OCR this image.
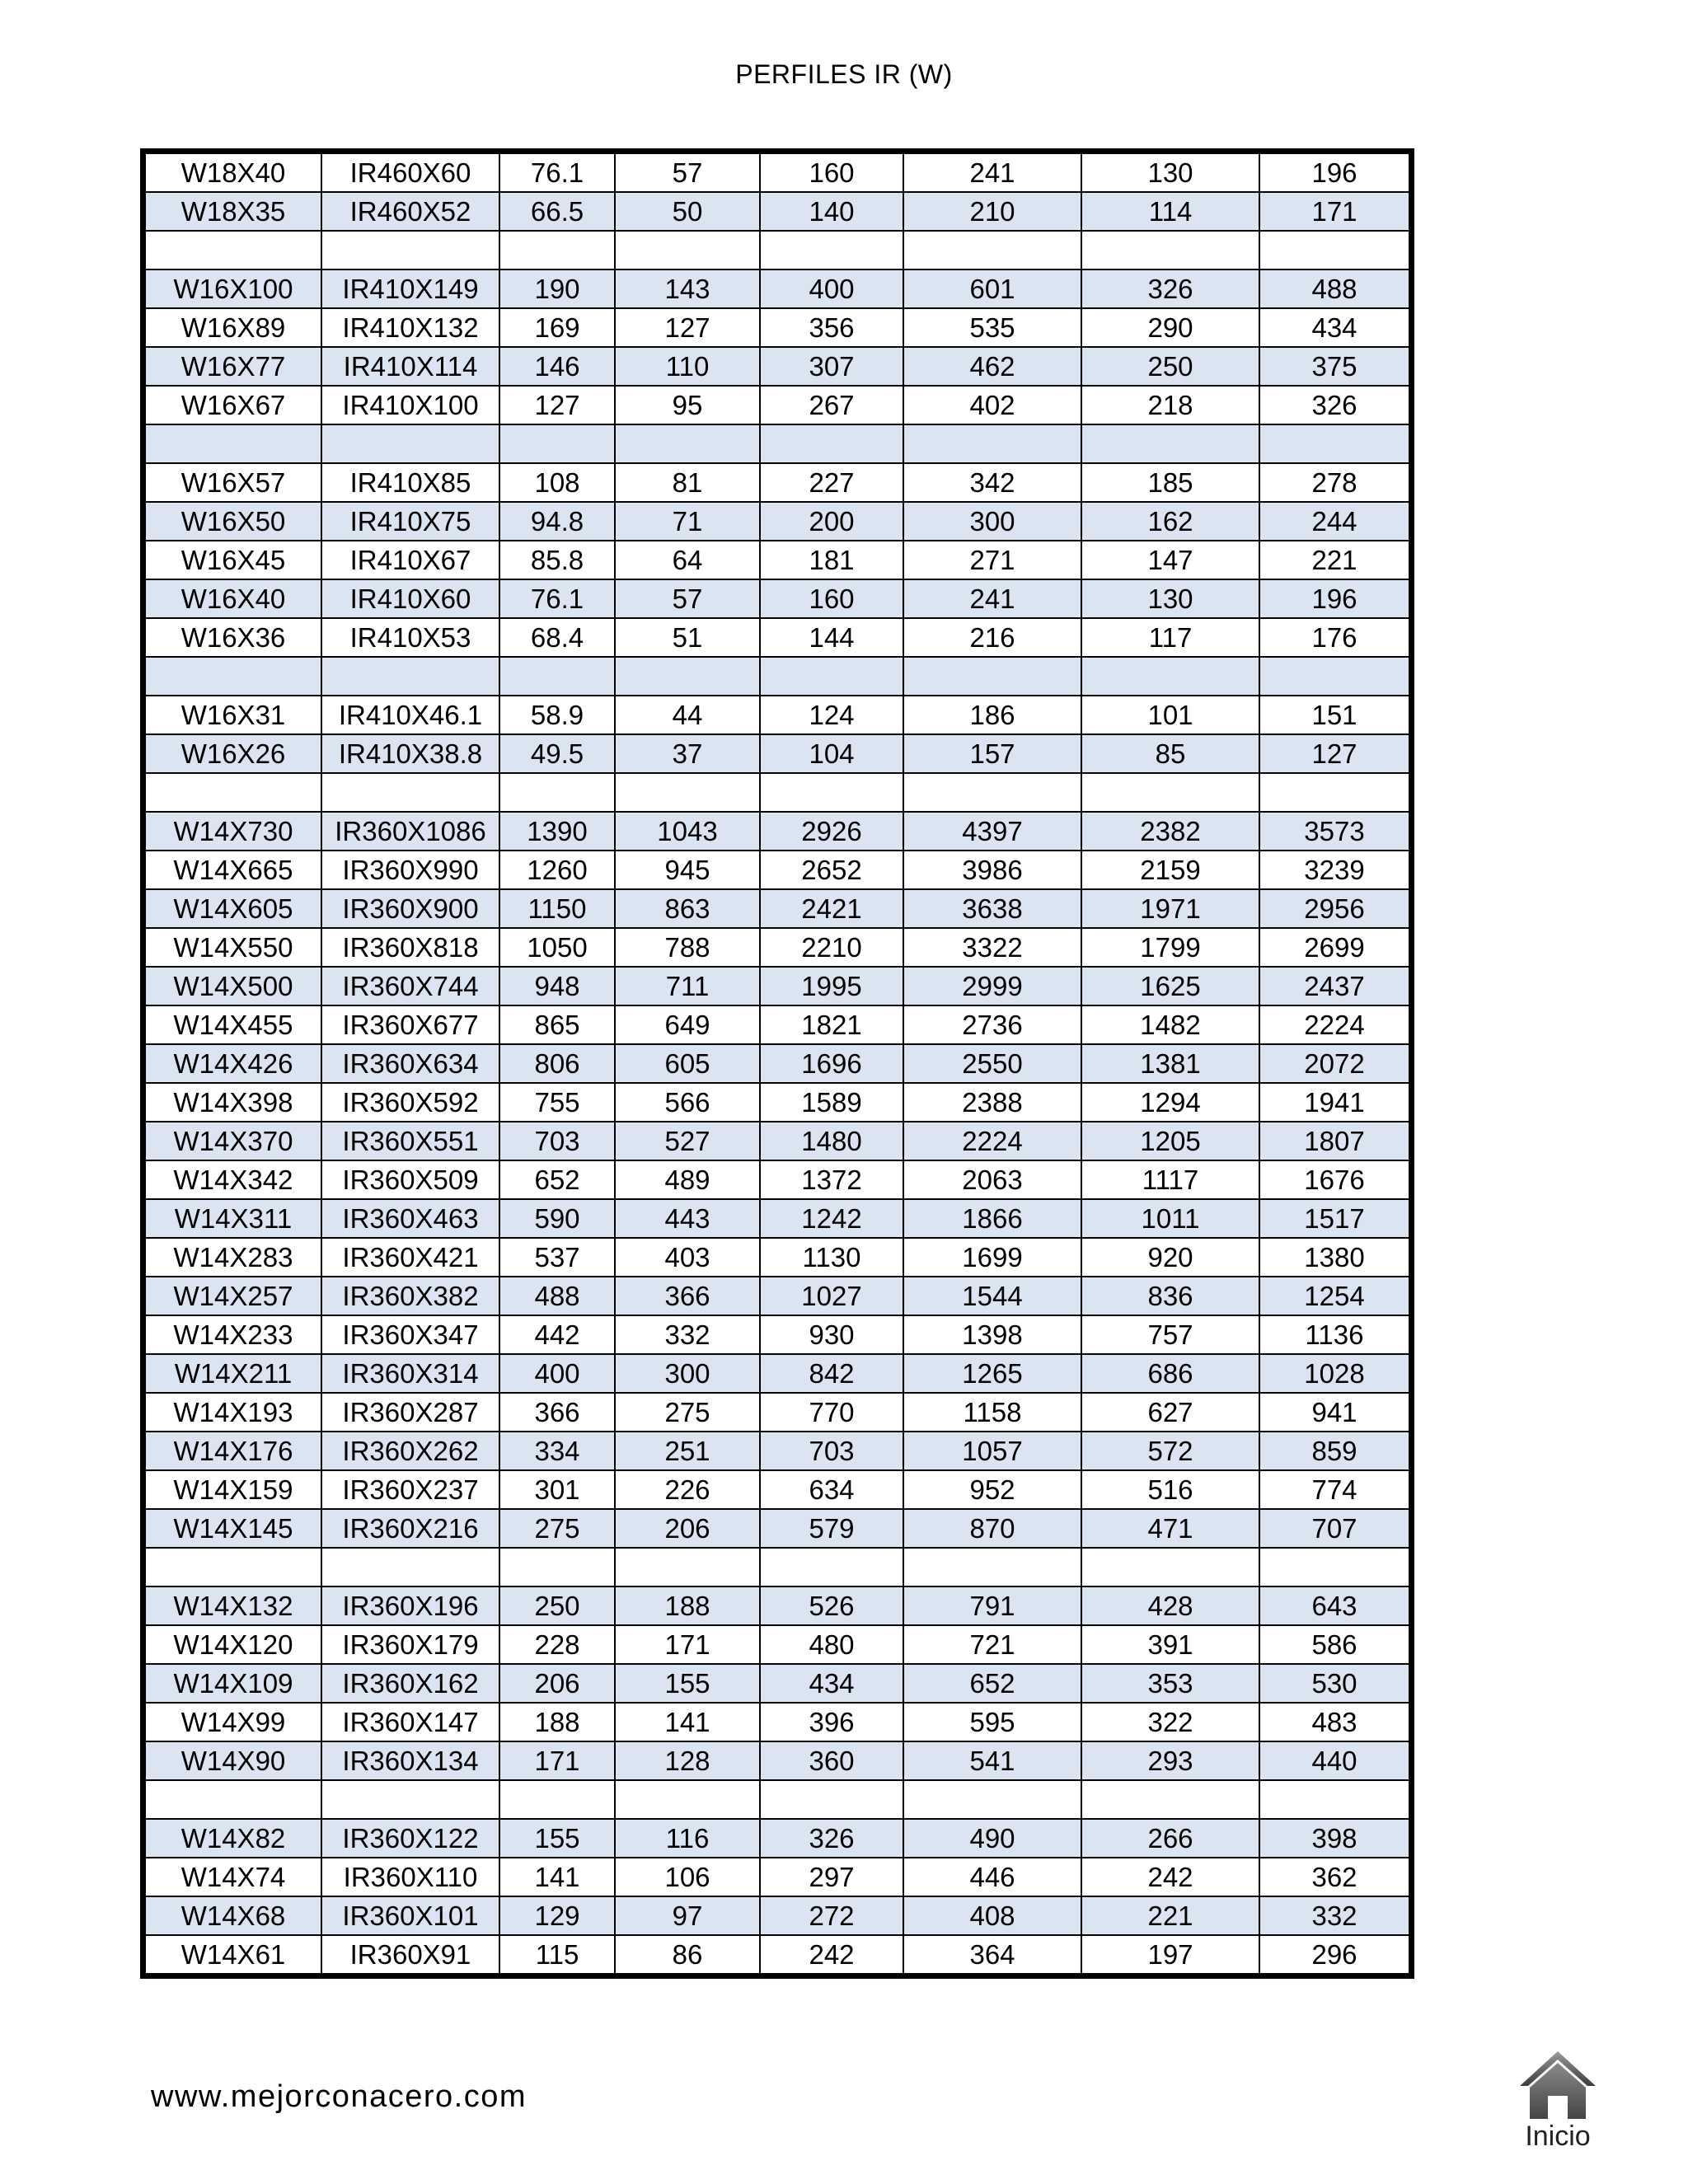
PERFILES IR (W)
W18X40	IR460X60	76.1	57	160	241	130	196
W18X35	IR460X52	66.5	50	140	210	114	171

W16X100	IR410X149	190	143	400	601	326	488
W16X89	IR410X132	169	127	356	535	290	434
W16X77	IR410X114	146	110	307	462	250	375
W16X67	IR410X100	127	95	267	402	218	326

W16X57	IR410X85	108	81	227	342	185	278
W16X50	IR410X75	94.8	71	200	300	162	244
W16X45	IR410X67	85.8	64	181	271	147	221
W16X40	IR410X60	76.1	57	160	241	130	196
W16X36	IR410X53	68.4	51	144	216	117	176

W16X31	IR410X46.1	58.9	44	124	186	101	151
W16X26	IR410X38.8	49.5	37	104	157	85	127

W14X730	IR360X1086	1390	1043	2926	4397	2382	3573
W14X665	IR360X990	1260	945	2652	3986	2159	3239
W14X605	IR360X900	1150	863	2421	3638	1971	2956
W14X550	IR360X818	1050	788	2210	3322	1799	2699
W14X500	IR360X744	948	711	1995	2999	1625	2437
W14X455	IR360X677	865	649	1821	2736	1482	2224
W14X426	IR360X634	806	605	1696	2550	1381	2072
W14X398	IR360X592	755	566	1589	2388	1294	1941
W14X370	IR360X551	703	527	1480	2224	1205	1807
W14X342	IR360X509	652	489	1372	2063	1117	1676
W14X311	IR360X463	590	443	1242	1866	1011	1517
W14X283	IR360X421	537	403	1130	1699	920	1380
W14X257	IR360X382	488	366	1027	1544	836	1254
W14X233	IR360X347	442	332	930	1398	757	1136
W14X211	IR360X314	400	300	842	1265	686	1028
W14X193	IR360X287	366	275	770	1158	627	941
W14X176	IR360X262	334	251	703	1057	572	859
W14X159	IR360X237	301	226	634	952	516	774
W14X145	IR360X216	275	206	579	870	471	707

W14X132	IR360X196	250	188	526	791	428	643
W14X120	IR360X179	228	171	480	721	391	586
W14X109	IR360X162	206	155	434	652	353	530
W14X99	IR360X147	188	141	396	595	322	483
W14X90	IR360X134	171	128	360	541	293	440

W14X82	IR360X122	155	116	326	490	266	398
W14X74	IR360X110	141	106	297	446	242	362
W14X68	IR360X101	129	97	272	408	221	332
W14X61	IR360X91	115	86	242	364	197	296
www.mejorconacero.com
Inicio
